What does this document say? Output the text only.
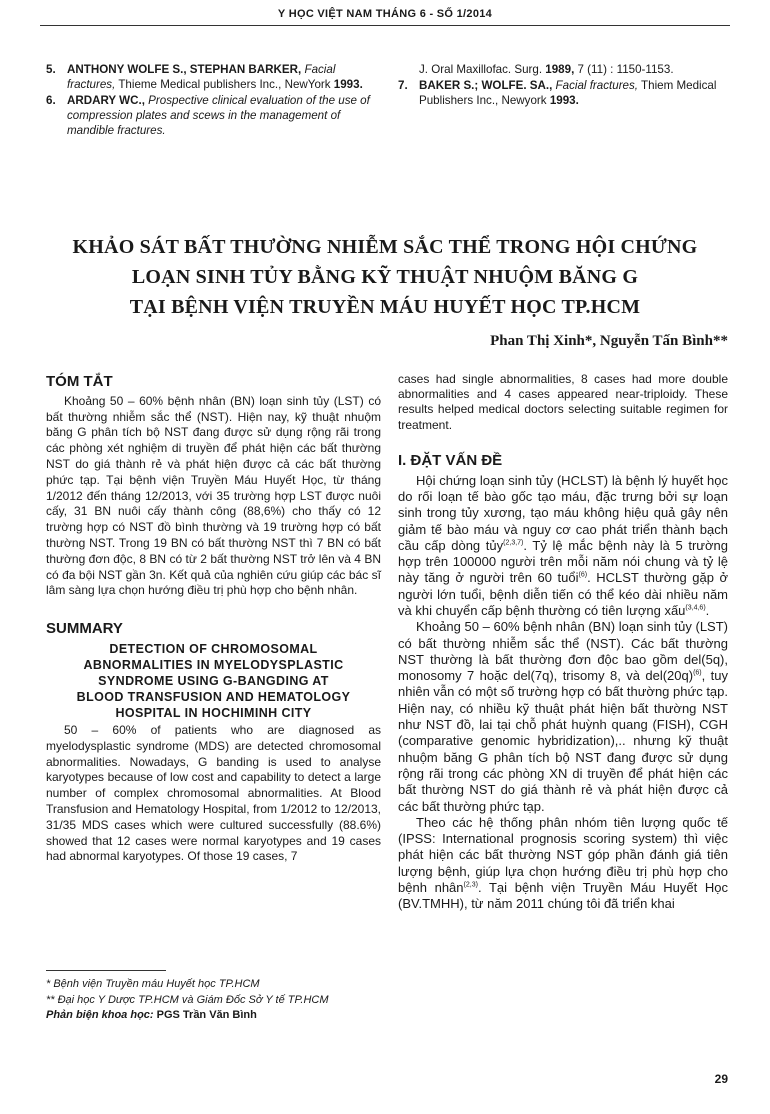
Y HỌC VIỆT NAM THÁNG 6 - SỐ 1/2014
5. ANTHONY WOLFE S., STEPHAN BARKER, Facial fractures, Thieme Medical publishers Inc., NewYork 1993.
6. ARDARY WC., Prospective clinical evaluation of the use of compression plates and scews in the management of mandible fractures.
J. Oral Maxillofac. Surg. 1989, 7 (11) : 1150-1153.
7. BAKER S.; WOLFE. SA., Facial fractures, Thiem Medical Publishers Inc., Newyork 1993.
KHẢO SÁT BẤT THƯỜNG NHIỄM SẮC THỂ TRONG HỘI CHỨNG
LOẠN SINH TỦY BẰNG KỸ THUẬT NHUỘM BĂNG G
TẠI BỆNH VIỆN TRUYỀN MÁU HUYẾT HỌC TP.HCM
Phan Thị Xinh*, Nguyễn Tấn Bình**
TÓM TẮT

Khoảng 50 – 60% bệnh nhân (BN) loạn sinh tủy (LST) có bất thường nhiễm sắc thể (NST). Hiện nay, kỹ thuật nhuộm băng G phân tích bộ NST đang được sử dụng rộng rãi trong các phòng xét nghiệm di truyền để phát hiện các bất thường NST do giá thành rẻ và phát hiện được cả các bất thường phức tạp. Tại bệnh viện Truyền Máu Huyết Học, từ tháng 1/2012 đến tháng 12/2013, với 35 trường hợp LST được nuôi cấy, 31 BN nuôi cấy thành công (88,6%) cho thấy có 12 trường hợp có NST đồ bình thường và 19 trường hợp có bất thường NST. Trong 19 BN có bất thường NST thì 7 BN có bất thường đơn độc, 8 BN có từ 2 bất thường NST trở lên và 4 BN có đa bội NST gần 3n. Kết quả của nghiên cứu giúp các bác sĩ lâm sàng lựa chọn hướng điều trị phù hợp cho bệnh nhân.

SUMMARY
DETECTION OF CHROMOSOMAL
ABNORMALITIES IN MYELODYSPLASTIC
SYNDROME USING G-BANGDING AT
BLOOD TRANSFUSION AND HEMATOLOGY
HOSPITAL IN HOCHIMINH CITY

50 – 60% of patients who are diagnosed as myelodysplastic syndrome (MDS) are detected chromosomal abnormalities. Nowadays, G banding is used to analyse karyotypes because of low cost and capability to detect a large number of complex chromosomal abnormalities. At Blood Transfusion and Hematology Hospital, from 1/2012 to 12/2013, 31/35 MDS cases which were cultured successfully (88.6%) showed that 12 cases were normal karyotypes and 19 cases had abnormal karyotypes. Of those 19 cases, 7

* Bệnh viện Truyền máu Huyết học TP.HCM
** Đại học Y Dược TP.HCM và Giám Đốc Sở Y tế TP.HCM
Phản biện khoa học: PGS Trần Văn Bình

cases had single abnormalities, 8 cases had more double abnormalities and 4 cases appeared near-triploidy. These results helped medical doctors selecting suitable regimen for treatment.

I. ĐẶT VẤN ĐỀ

Hội chứng loạn sinh tủy (HCLST) là bệnh lý huyết học do rối loạn tế bào gốc tạo máu, đặc trưng bởi sự loạn sinh trong tủy xương, tạo máu không hiệu quả gây nên giảm tế bào máu và nguy cơ cao phát triển thành bạch cầu cấp dòng tủy$^{(2,3,7)}$. Tỷ lệ mắc bệnh này là 5 trường hợp trên 100000 người trên mỗi năm nói chung và tỷ lệ này tăng ở người trên 60 tuổi$^{(6)}$. HCLST thường gặp ở người lớn tuổi, bệnh diễn tiến có thể kéo dài nhiều năm và khi chuyển cấp bệnh thường có tiên lượng xấu$^{(3,4,6)}$.

Khoảng 50 – 60% bệnh nhân (BN) loạn sinh tủy (LST) có bất thường nhiễm sắc thể (NST). Các bất thường NST thường là bất thường đơn độc bao gồm del(5q), monosomy 7 hoặc del(7q), trisomy 8, và $del(20q)^{(6)}$, tuy nhiên vẫn có một số trường hợp có bất thường phức tạp. Hiện nay, có nhiều kỹ thuật phát hiện bất thường NST như NST đồ, lai tại chỗ phát huỳnh quang (FISH), CGH (comparative genomic hybridization),.. nhưng kỹ thuật nhuộm băng G phân tích bộ NST đang được sử dụng rộng rãi trong các phòng XN di truyền để phát hiện các bất thường NST do giá thành rẻ và phát hiện được cả các bất thường phức tạp.

Theo các hệ thống phân nhóm tiên lượng quốc tế (IPSS: International prognosis scoring system) thì việc phát hiện các bất thường NST góp phần đánh giá tiên lượng bệnh, giúp lựa chọn hướng điều trị phù hợp cho bệnh nhân$^{(2,3)}$. Tại bệnh viện Truyền Máu Huyết Học (BV.TMHH), từ năm 2011 chúng tôi đã triển khai

29
